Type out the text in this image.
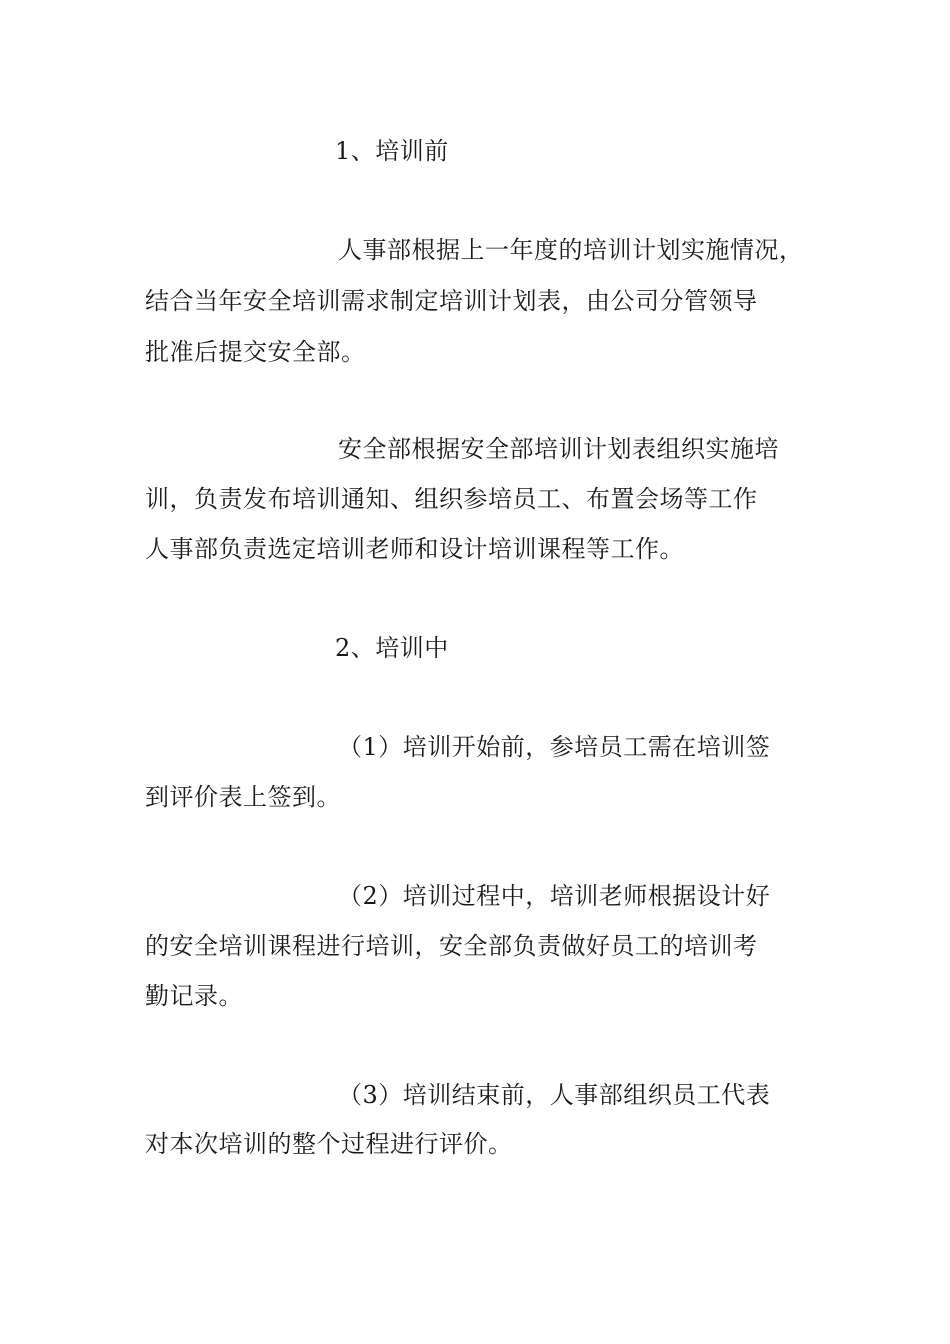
1、培训前
人事部根据上一年度的培训计划实施情况，
结合当年安全培训需求制定培训计划表，由公司分管领导
批准后提交安全部。
安全部根据安全部培训计划表组织实施培
训，负责发布培训通知、组织参培员工、布置会场等工作
人事部负责选定培训老师和设计培训课程等工作。
2、培训中
（1）培训开始前，参培员工需在培训签
到评价表上签到。
（2）培训过程中，培训老师根据设计好
的安全培训课程进行培训，安全部负责做好员工的培训考
勤记录。
（3）培训结束前，人事部组织员工代表
对本次培训的整个过程进行评价。
